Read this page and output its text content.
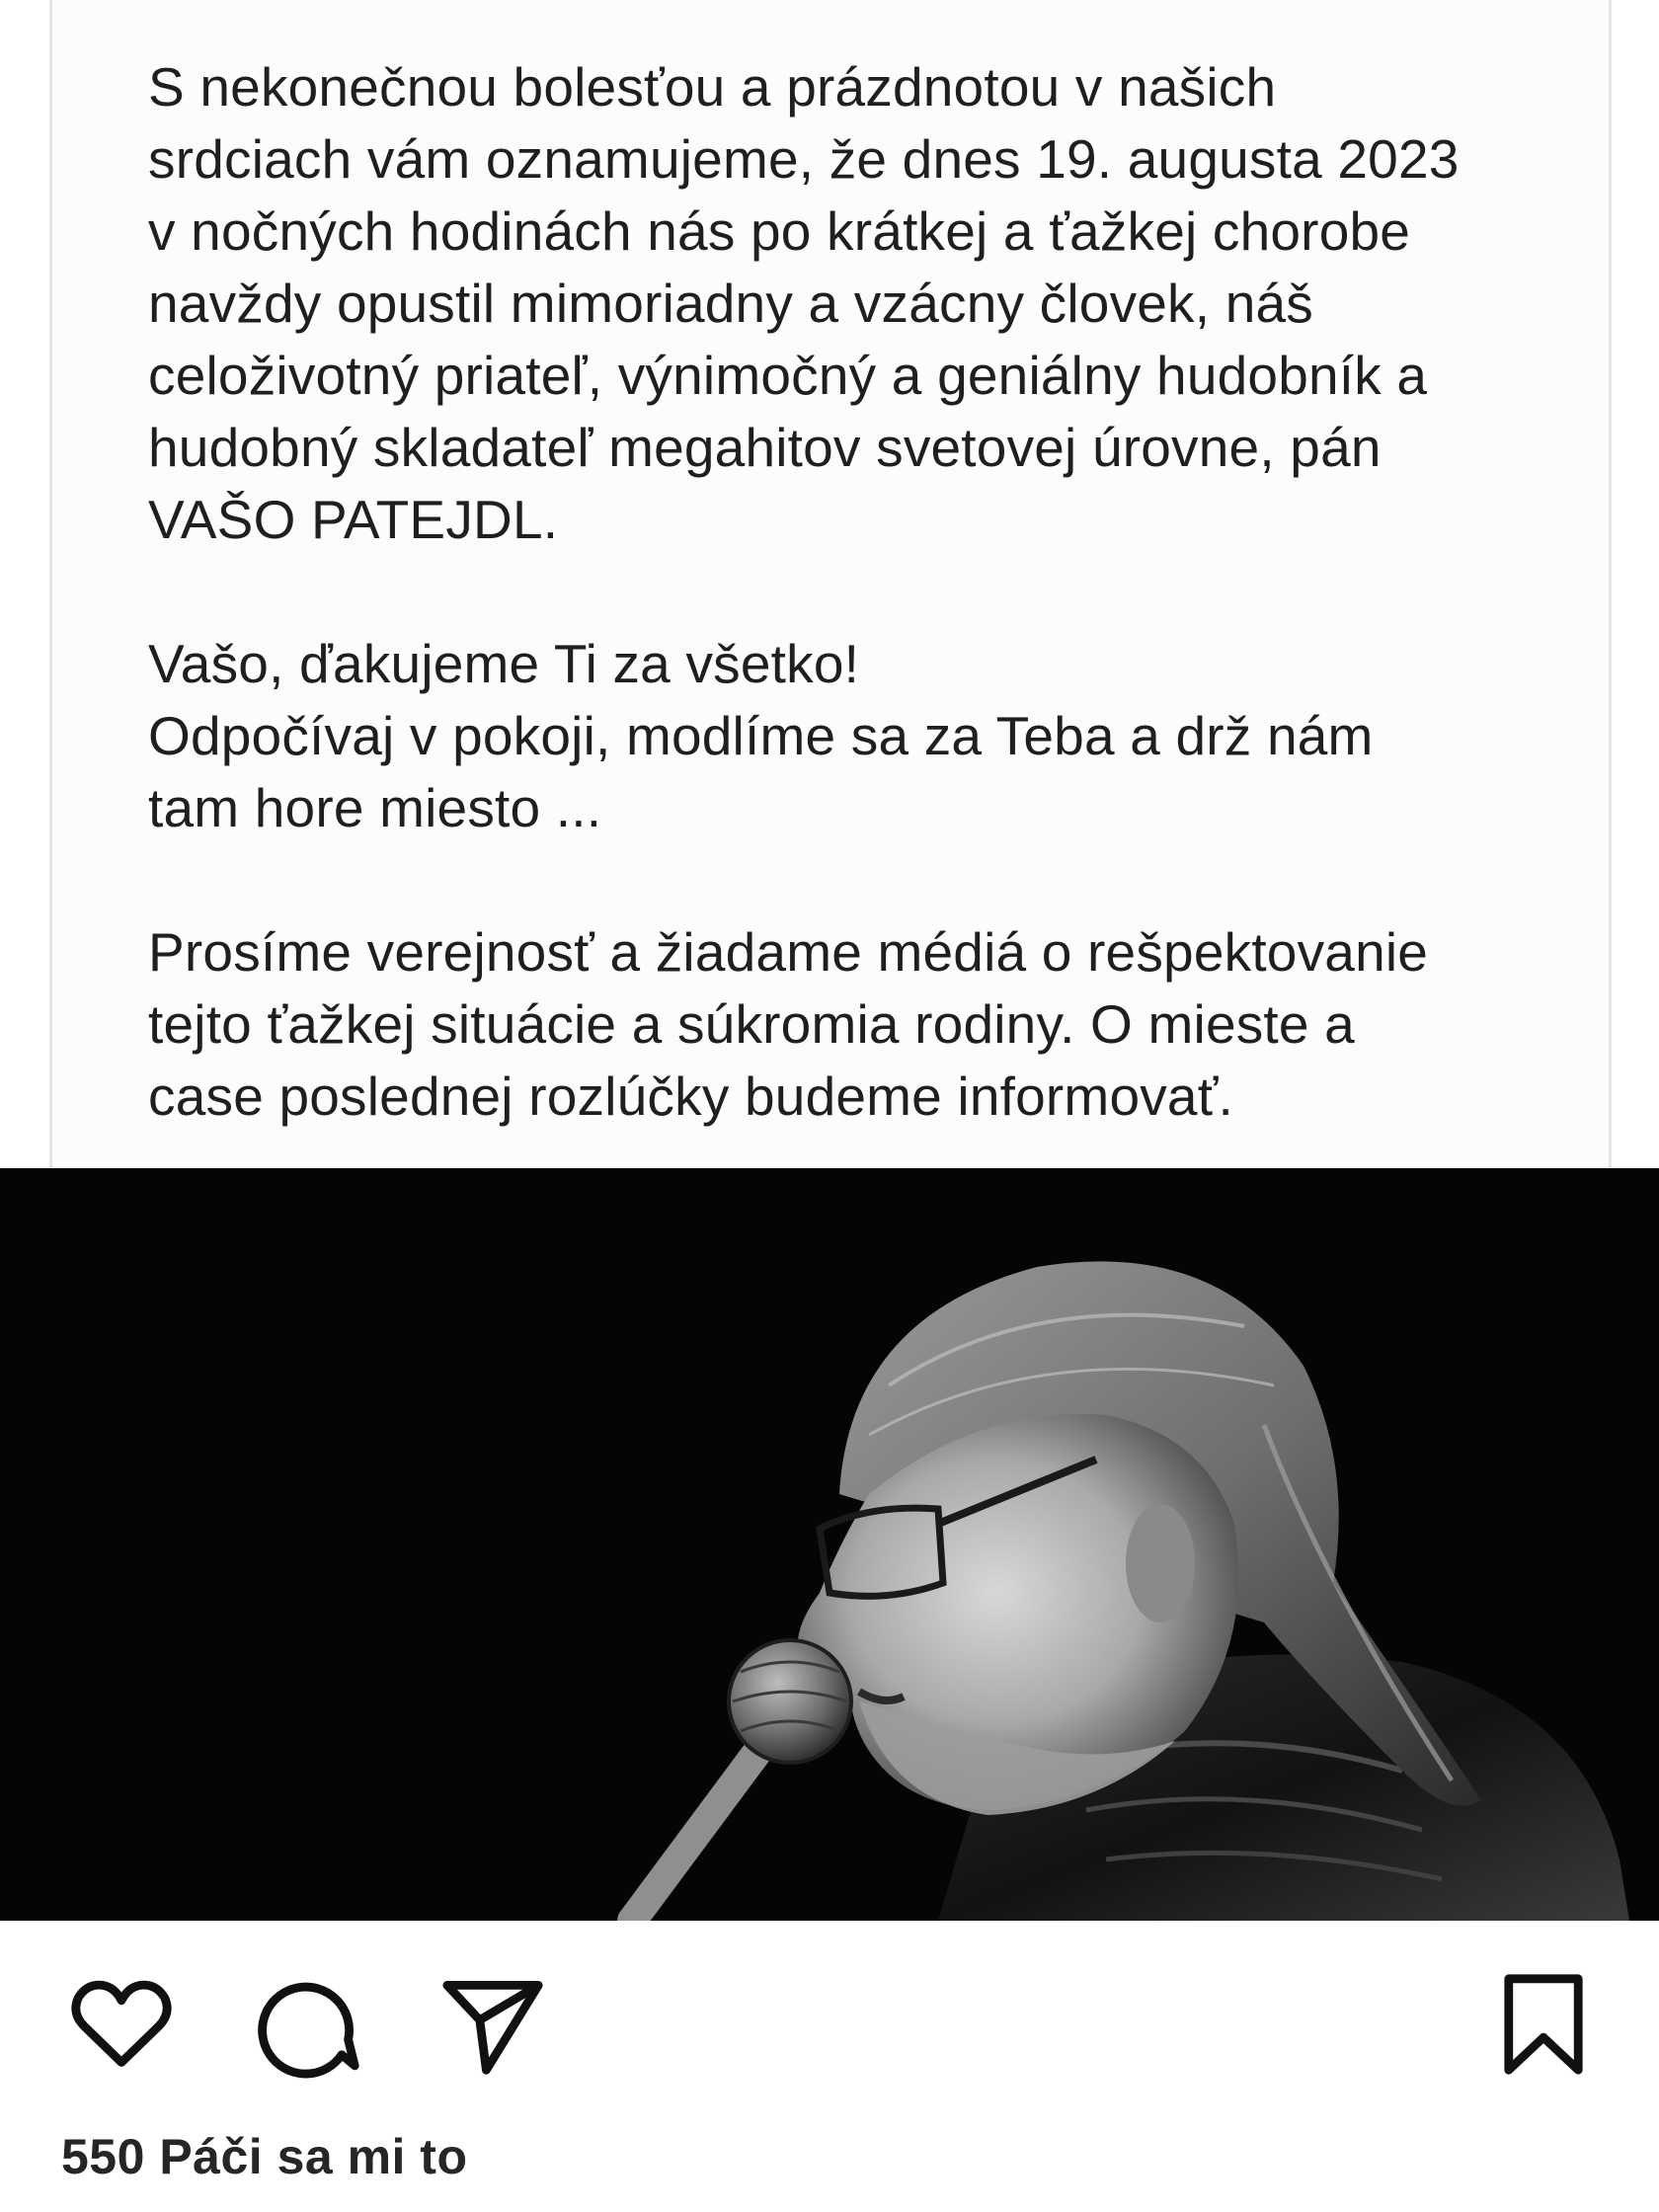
S nekonečnou bolesťou a prázdnotou v našich
srdciach vám oznamujeme, že dnes 19. augusta 2023
v nočných hodinách nás po krátkej a ťažkej chorobe
navždy opustil mimoriadny a vzácny človek, náš
celoživotný priateľ, výnimočný a geniálny hudobník a
hudobný skladateľ megahitov svetovej úrovne, pán
VAŠO PATEJDL.

Vašo, ďakujeme Ti za všetko!
Odpočívaj v pokoji, modlíme sa za Teba a drž nám
tam hore miesto ...

Prosíme verejnosť a žiadame médiá o rešpektovanie
tejto ťažkej situácie a súkromia rodiny. O mieste a
case poslednej rozlúčky budeme informovať.

550 Páči sa mi to
